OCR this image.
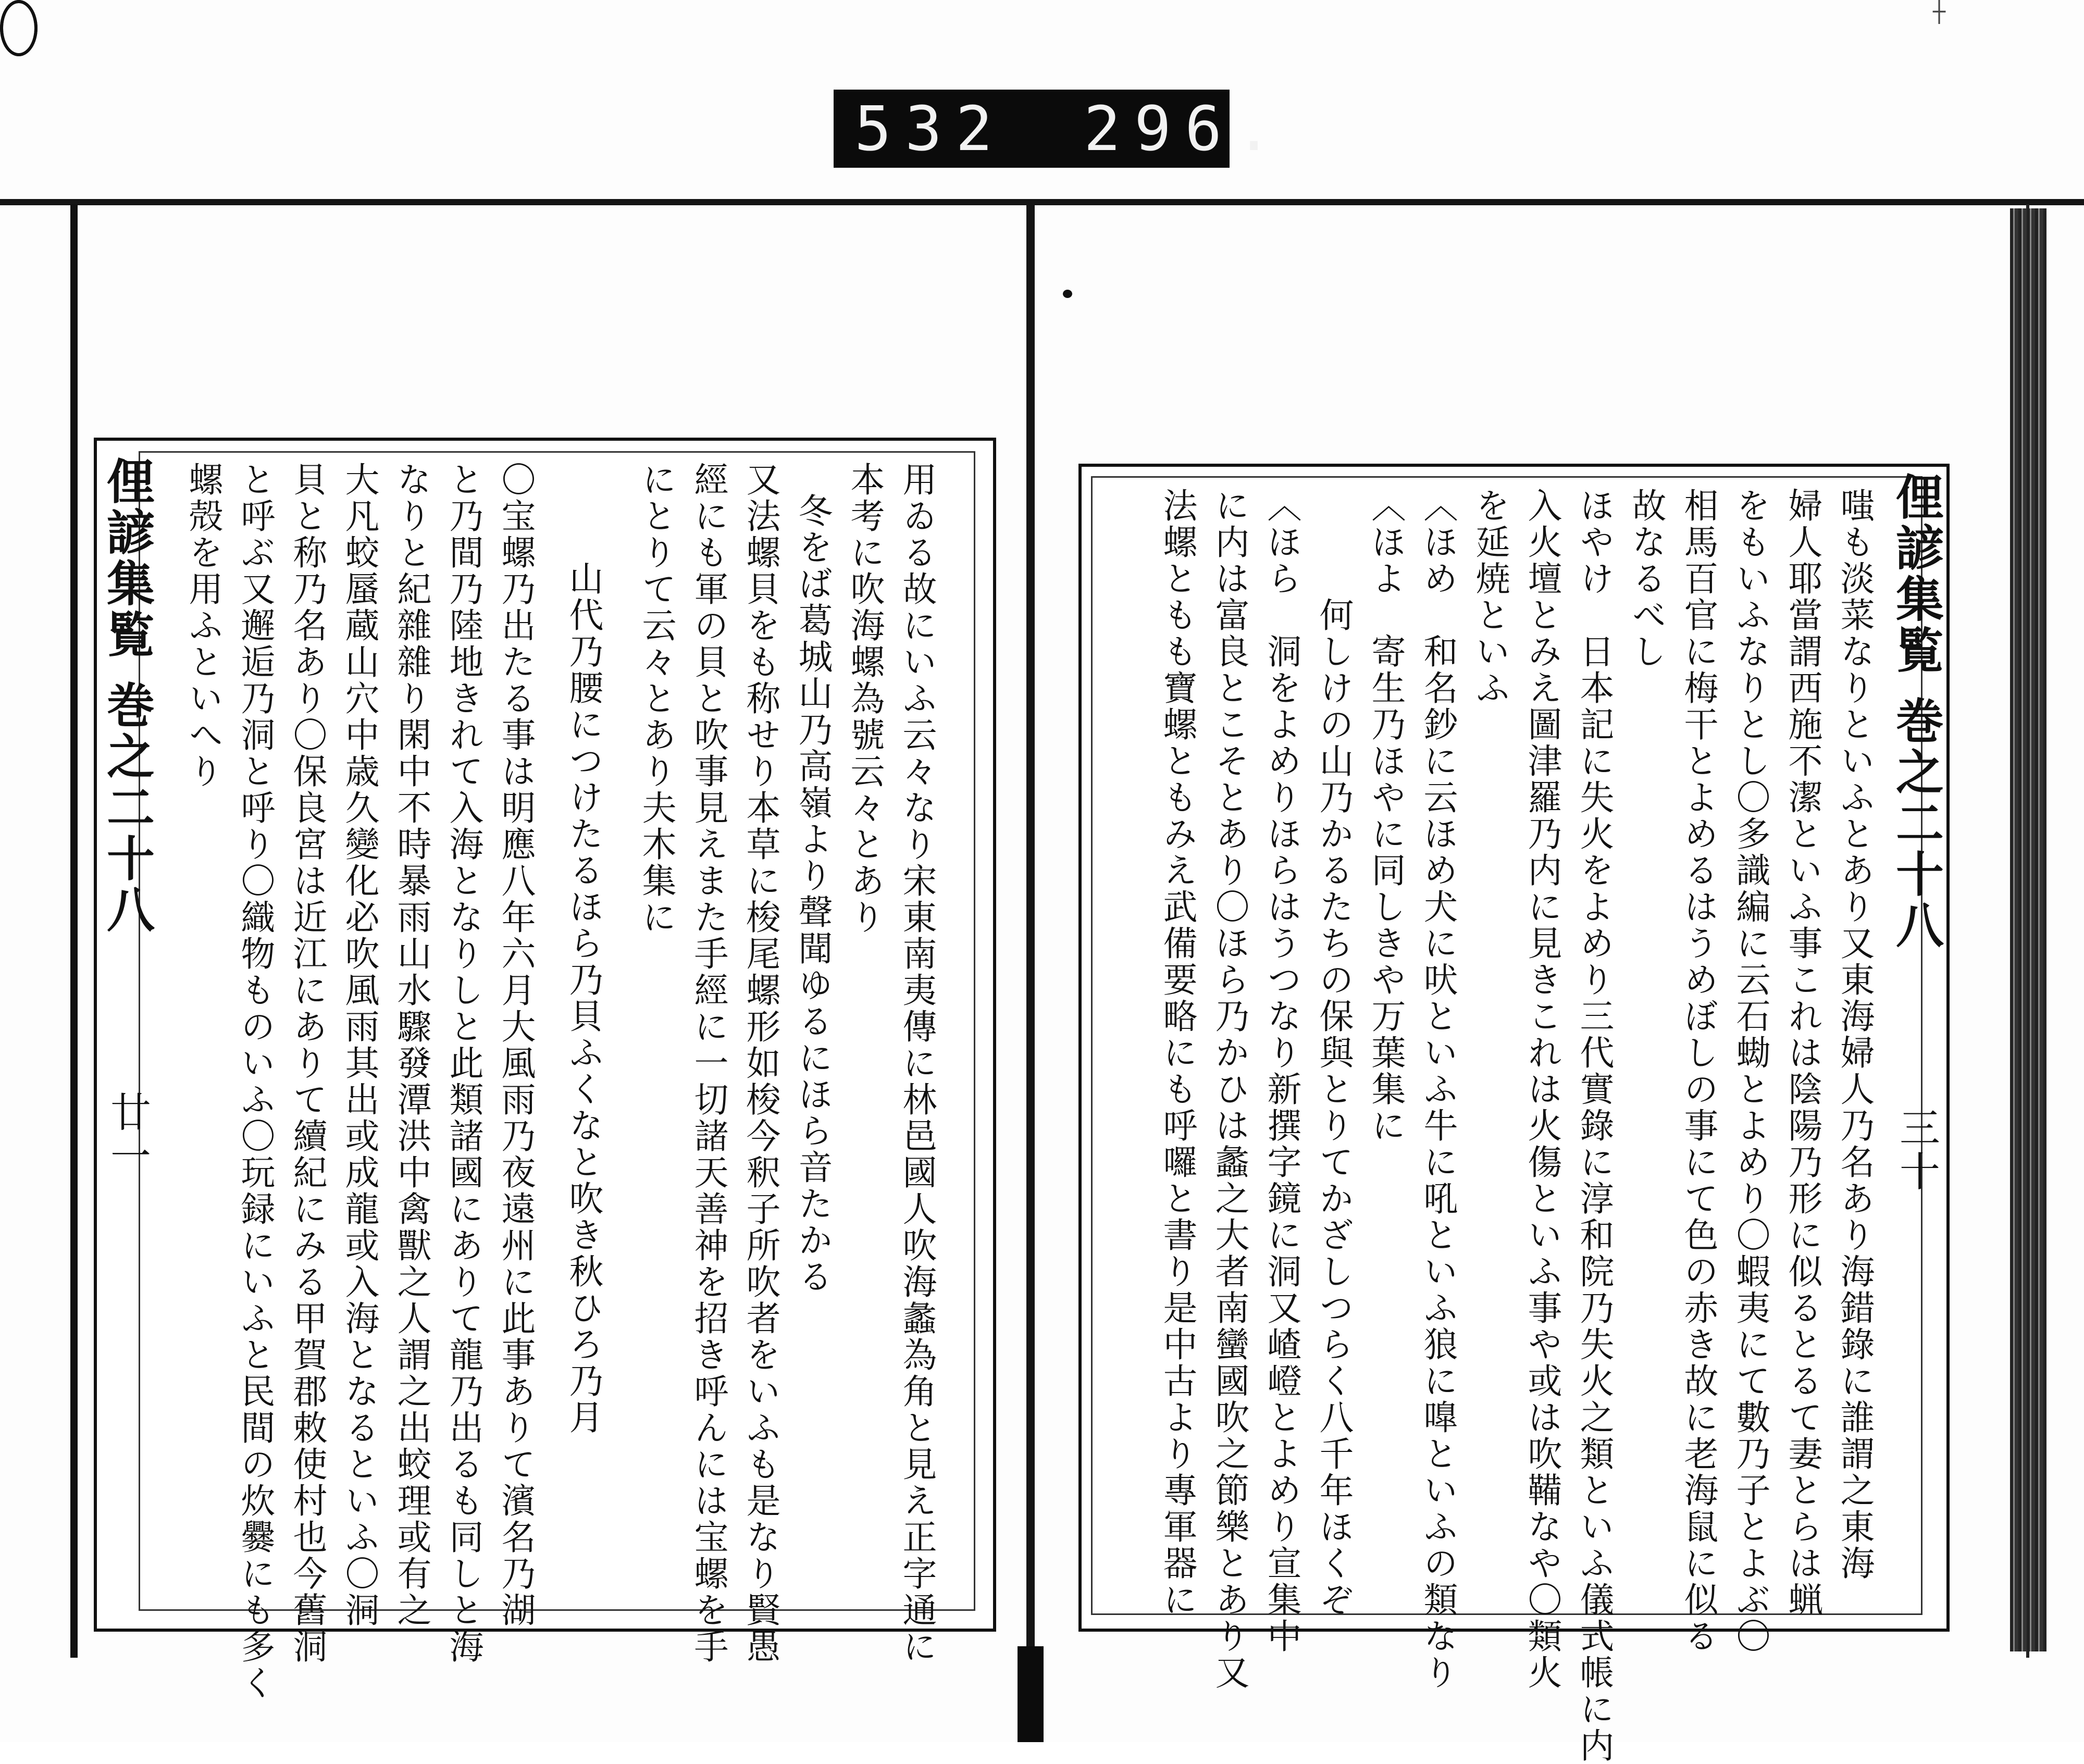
532 296.
┼
俚諺集覧 巻之二十八 廿一	用ゐる故にいふ云々なり宋東南夷傳に林邑國人吹海蠡為角と見え正字通に
本考に吹海螺為號云々とあり
冬をば葛城山乃高嶺より聲聞ゆるにほら音たかる
又法螺貝をも称せり本草に梭尾螺形如梭今釈子所吹者をいふも是なり賢愚
經にも軍の貝と吹事見えまた手經に一切諸天善神を招き呼んには宝螺を手
にとりて云々とあり夫木集に
山代乃腰につけたるほら乃貝ふくなと吹き秋ひろ乃月
〇宝螺乃出たる事は明應八年六月大風雨乃夜遠州に此事ありて濱名乃湖
と乃間乃陸地きれて入海となりしと此類諸國にありて龍乃出るも同しと海
なりと紀雜雜り閑中不時暴雨山水驟發潭洪中禽獸之人謂之出蛟理或有之
大凡蛟蜃蔵山穴中歳久變化必吹風雨其出或成龍或入海となるといふ〇洞
貝と称乃名あり〇保良宮は近江にありて續紀にみる甲賀郡敕使村也今舊洞
と呼ぶ又邂逅乃洞と呼り〇織物ものいふ〇玩録にいふと民間の炊爨にも多く
螺殻を用ふといへり	俚諺集覧 巻之二十八 三十
嗤も淡菜なりといふとあり又東海婦人乃名あり海錯錄に誰謂之東海
婦人耶當謂西施不潔といふ事これは陰陽乃形に似るとるて妻とらは蝋
をもいふなりとし〇多識編に云石蜐とよめり〇蝦夷にて數乃子とよぶ〇
相馬百官に梅干とよめるはうめぼしの事にて色の赤き故に老海鼠に似る
故なるべし
ほやけ　日本記に失火をよめり三代實錄に淳和院乃失火之類といふ儀式帳に内
入火壇とみえ圖津羅乃内に見きこれは火傷といふ事や或は吹鞴なや〇類火
を延焼といふ
〈ほめ　和名鈔に云ほめ犬に吠といふ牛に吼といふ狼に嘷といふの類なり
〈ほよ　寄生乃ほやに同しきや万葉集に
何しけの山乃かるたちの保與とりてかざしつらく八千年ほくぞ
〈ほら　洞をよめりほらはうつなり新撰字鏡に洞又嵖嶝とよめり宣集中
に内は富良とこそとあり〇ほら乃かひは蠡之大者南蠻國吹之節樂とあり又
法螺ともも寶螺ともみえ武備要略にも呼囉と書り是中古より專軍器に
